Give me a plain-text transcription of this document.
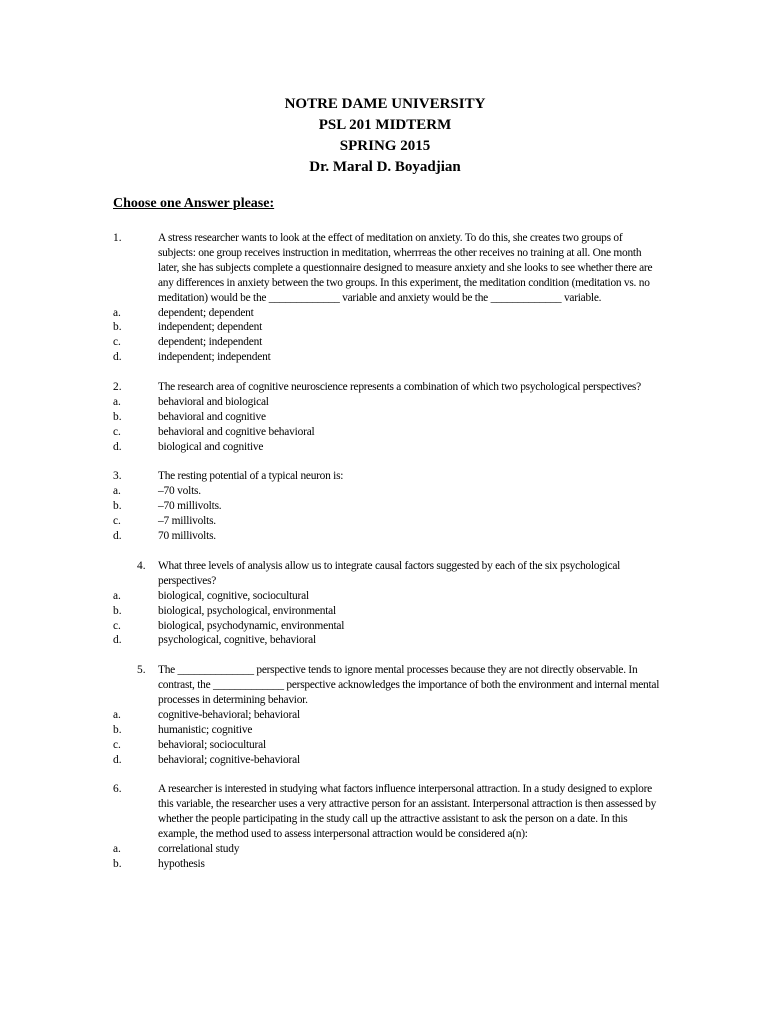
NOTRE DAME UNIVERSITY
PSL 201 MIDTERM
SPRING 2015
Dr. Maral D. Boyadjian
Choose one Answer please:
1.	A stress researcher wants to look at the effect of meditation on anxiety. To do this, she creates two groups of subjects: one group receives instruction in meditation, wherrreas the other receives no training at all. One month later, she has subjects complete a questionnaire designed to measure anxiety and she looks to see whether there are any differences in anxiety between the two groups. In this experiment, the meditation condition (meditation vs. no meditation) would be the _____________ variable and anxiety would be the _____________ variable.
a.	dependent; dependent
b.	independent; dependent
c.	dependent; independent
d.	independent; independent
2.	The research area of cognitive neuroscience represents a combination of which two psychological perspectives?
a.	behavioral and biological
b.	behavioral and cognitive
c.	behavioral and cognitive behavioral
d.	biological and cognitive
3.	The resting potential of a typical neuron is:
a.	–70 volts.
b.	–70 millivolts.
c.	–7 millivolts.
d.	70 millivolts.
4. What three levels of analysis allow us to integrate causal factors suggested by each of the six psychological perspectives?
a.	biological, cognitive, sociocultural
b.	biological, psychological, environmental
c.	biological, psychodynamic, environmental
d.	psychological, cognitive, behavioral
5. The ______________ perspective tends to ignore mental processes because they are not directly observable. In contrast, the _____________ perspective acknowledges the importance of both the environment and internal mental processes in determining behavior.
a.	cognitive-behavioral; behavioral
b.	humanistic; cognitive
c.	behavioral; sociocultural
d.	behavioral; cognitive-behavioral
6.	A researcher is interested in studying what factors influence interpersonal attraction. In a study designed to explore this variable, the researcher uses a very attractive person for an assistant. Interpersonal attraction is then assessed by whether the people participating in the study call up the attractive assistant to ask the person on a date. In this example, the method used to assess interpersonal attraction would be considered a(n):
a.	correlational study
b.	hypothesis
